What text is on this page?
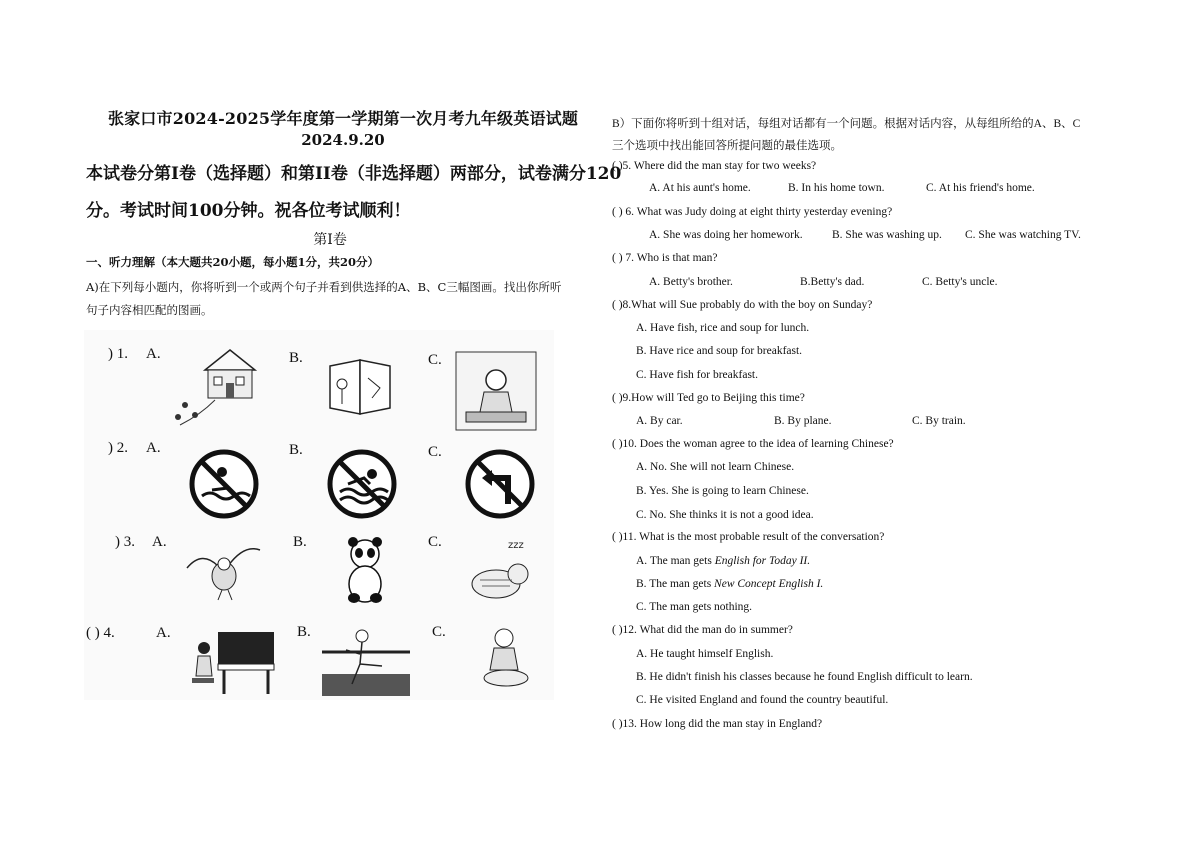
张家口市2024-2025学年度第一学期第一次月考九年级英语试题
2024.9.20
本试卷分第Ⅰ卷（选择题）和第II卷（非选择题）两部分，试卷满分120
分。考试时间100分钟。祝各位考试顺利！
第Ⅰ卷
一、听力理解（本大题共20小题，每小题1分，共20分）
A)在下列每小题内，你将听到一个或两个句子并看到供选择的A、B、C三幅图画。找出你所听
句子内容相匹配的图画。
) 1. A.	B.	C.
) 2. A.	B.	C.
) 3. A.	B.	C.	zzz
( ) 4.	A.	B.	C.
B）下面你将听到十组对话，每组对话都有一个问题。根据对话内容，从每组所给的A、B、C
三个选项中找出能回答所提问题的最佳选项。
( )5. Where did the man stay for two weeks?
A. At his aunt's home.	B. In his home town.	C. At his friend's home.
( ) 6. What was Judy doing at eight thirty yesterday evening?
A. She was doing her homework.	B. She was washing up. C. She was watching TV.
( ) 7. Who is that man?
A. Betty's brother.	B.Betty's dad.	C. Betty's uncle.
( )8.What will Sue probably do with the boy on Sunday?
A. Have fish, rice and soup for lunch.
B. Have rice and soup for breakfast.
C. Have fish for breakfast.
( )9.How will Ted go to Beijing this time?
A. By car.	B. By plane.	C. By train.
( )10. Does the woman agree to the idea of learning Chinese?
A. No. She will not learn Chinese.
B. Yes. She is going to learn Chinese.
C. No. She thinks it is not a good idea.
( )11. What is the most probable result of the conversation?
A. The man gets English for Today II.
B. The man gets New Concept English I.
C. The man gets nothing.
( )12. What did the man do in summer?
A. He taught himself English.
B. He didn't finish his classes because he found English difficult to learn.
C. He visited England and found the country beautiful.
( )13. How long did the man stay in England?
